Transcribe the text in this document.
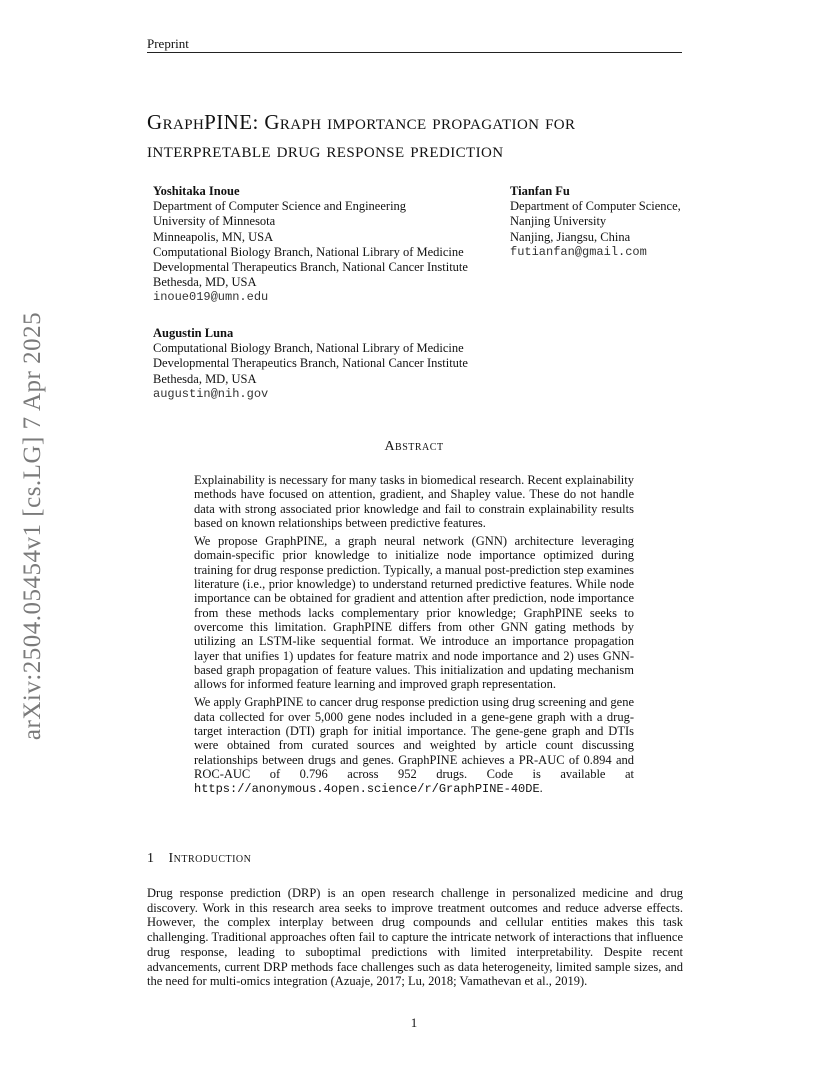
Preprint
arXiv:2504.05454v1 [cs.LG] 7 Apr 2025
GraphPINE: Graph importance propagation for
interpretable drug response prediction
Yoshitaka Inoue
Department of Computer Science and Engineering
University of Minnesota
Minneapolis, MN, USA
Computational Biology Branch, National Library of Medicine
Developmental Therapeutics Branch, National Cancer Institute
Bethesda, MD, USA
inoue019@umn.edu
Tianfan Fu
Department of Computer Science,
Nanjing University
Nanjing, Jiangsu, China
futianfan@gmail.com
Augustin Luna
Computational Biology Branch, National Library of Medicine
Developmental Therapeutics Branch, National Cancer Institute
Bethesda, MD, USA
augustin@nih.gov
Abstract

Explainability is necessary for many tasks in biomedical research. Recent explainability methods have focused on attention, gradient, and Shapley value. These do not handle data with strong associated prior knowledge and fail to constrain explainability results based on known relationships between predictive features.

We propose GraphPINE, a graph neural network (GNN) architecture leveraging domain-specific prior knowledge to initialize node importance optimized during training for drug response prediction. Typically, a manual post-prediction step examines literature (i.e., prior knowledge) to understand returned predictive features. While node importance can be obtained for gradient and attention after prediction, node importance from these methods lacks complementary prior knowledge; GraphPINE seeks to overcome this limitation. GraphPINE differs from other GNN gating methods by utilizing an LSTM-like sequential format. We introduce an importance propagation layer that unifies 1) updates for feature matrix and node importance and 2) uses GNN-based graph propagation of feature values. This initialization and updating mechanism allows for informed feature learning and improved graph representation.

We apply GraphPINE to cancer drug response prediction using drug screening and gene data collected for over 5,000 gene nodes included in a gene-gene graph with a drug-target interaction (DTI) graph for initial importance. The gene-gene graph and DTIs were obtained from curated sources and weighted by article count discussing relationships between drugs and genes. GraphPINE achieves a PR-AUC of 0.894 and ROC-AUC of 0.796 across 952 drugs. Code is available at https://anonymous.4open.science/r/GraphPINE-40DE.

1 Introduction

Drug response prediction (DRP) is an open research challenge in personalized medicine and drug discovery. Work in this research area seeks to improve treatment outcomes and reduce adverse effects. However, the complex interplay between drug compounds and cellular entities makes this task challenging. Traditional approaches often fail to capture the intricate network of interactions that influence drug response, leading to suboptimal predictions with limited interpretability. Despite recent advancements, current DRP methods face challenges such as data heterogeneity, limited sample sizes, and the need for multi-omics integration (Azuaje, 2017; Lu, 2018; Vamathevan et al., 2019).

1
